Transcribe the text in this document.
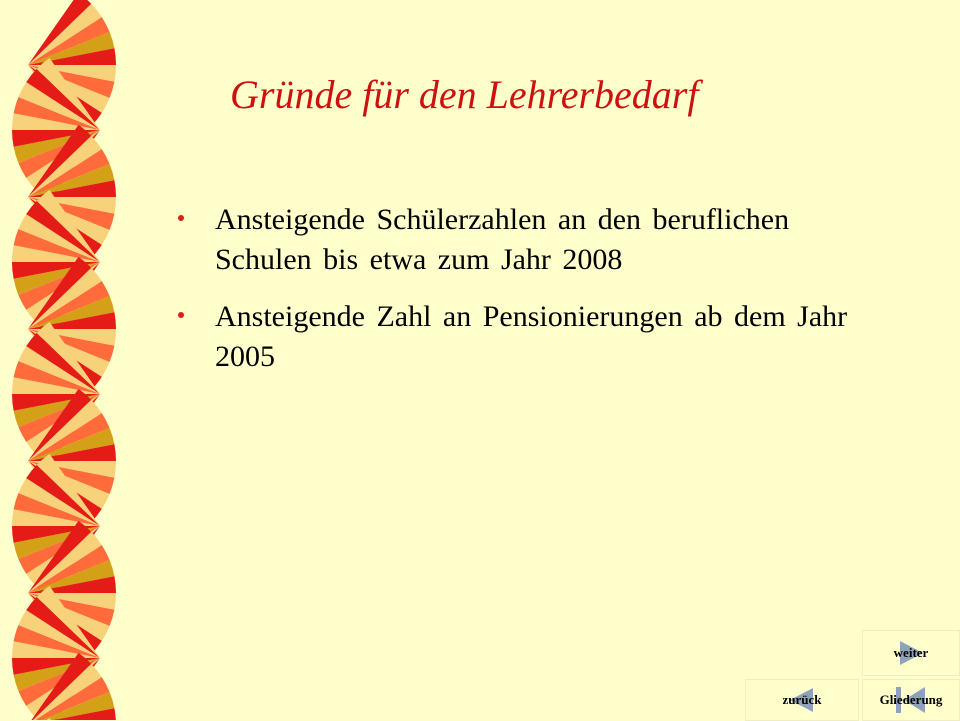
Gründe für den Lehrerbedarf
Ansteigende Schülerzahlen an den beruflichen Schulen bis etwa zum Jahr 2008
Ansteigende Zahl an Pensionierungen ab dem Jahr 2005
weiter
zurück	Gliederung
